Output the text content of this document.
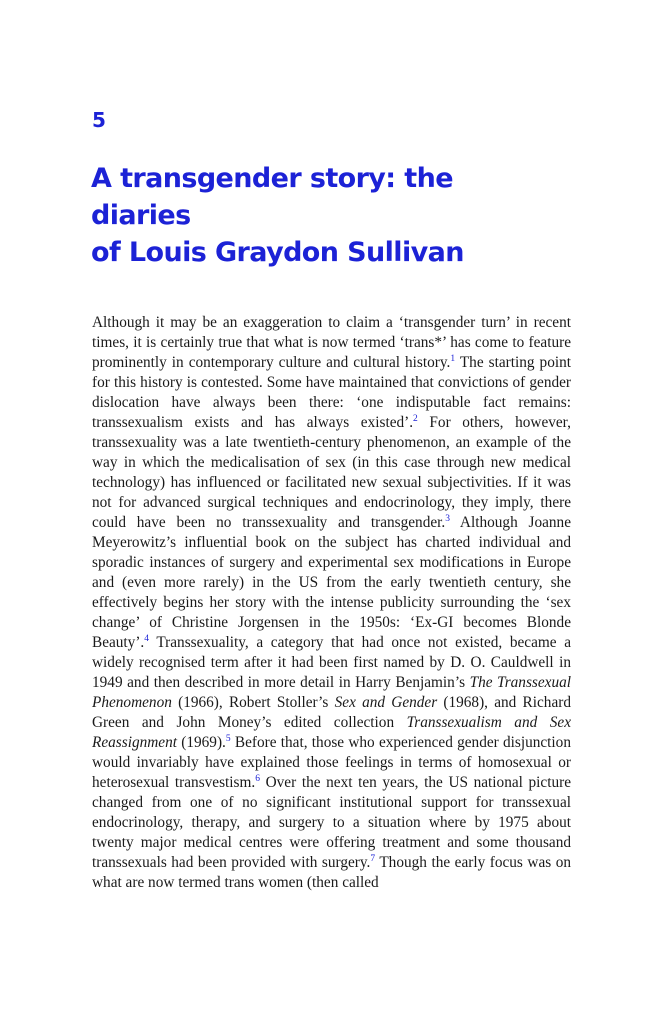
5
A transgender story: the diaries
of Louis Graydon Sullivan

Although it may be an exaggeration to claim a ‘transgender turn’ in recent times, it is certainly true that what is now termed ‘trans*’ has come to feature prominently in contemporary culture and cultural history.$^1$ The starting point for this history is contested. Some have maintained that convictions of gender dislocation have always been there: ‘one indisputable fact remains: transsexualism exists and has always existed’.$^2$ For others, however, transsexuality was a late twentieth-century phenomenon, an example of the way in which the medicalisation of sex (in this case through new medical technology) has influenced or facilitated new sexual subjectivities. If it was not for advanced surgical techniques and endocrinology, they imply, there could have been no transsexuality and transgender.$^3$ Although Joanne Meyerowitz’s influential book on the subject has charted individual and sporadic instances of surgery and experimental sex modifications in Europe and (even more rarely) in the US from the early twentieth century, she effectively begins her story with the intense publicity surrounding the ‘sex change’ of Christine Jorgensen in the 1950s: ‘Ex-GI becomes Blonde Beauty’.$^4$ Transsexuality, a category that had once not existed, became a widely recognised term after it had been first named by D. O. Cauldwell in 1949 and then described in more detail in Harry Benjamin’s The Transsexual Phenomenon (1966), Robert Stoller’s Sex and Gender (1968), and Richard Green and John Money’s edited collection Transsexualism and Sex Reassignment (1969).$^5$ Before that, those who experienced gender disjunction would invariably have explained those feelings in terms of homosexual or heterosexual transvestism.$^6$ Over the next ten years, the US national picture changed from one of no significant institutional support for transsexual endocrinology, therapy, and surgery to a situation where by 1975 about twenty major medical centres were offering treatment and some thousand transsexuals had been provided with surgery.$^7$ Though the early focus was on what are now termed trans women (then called
